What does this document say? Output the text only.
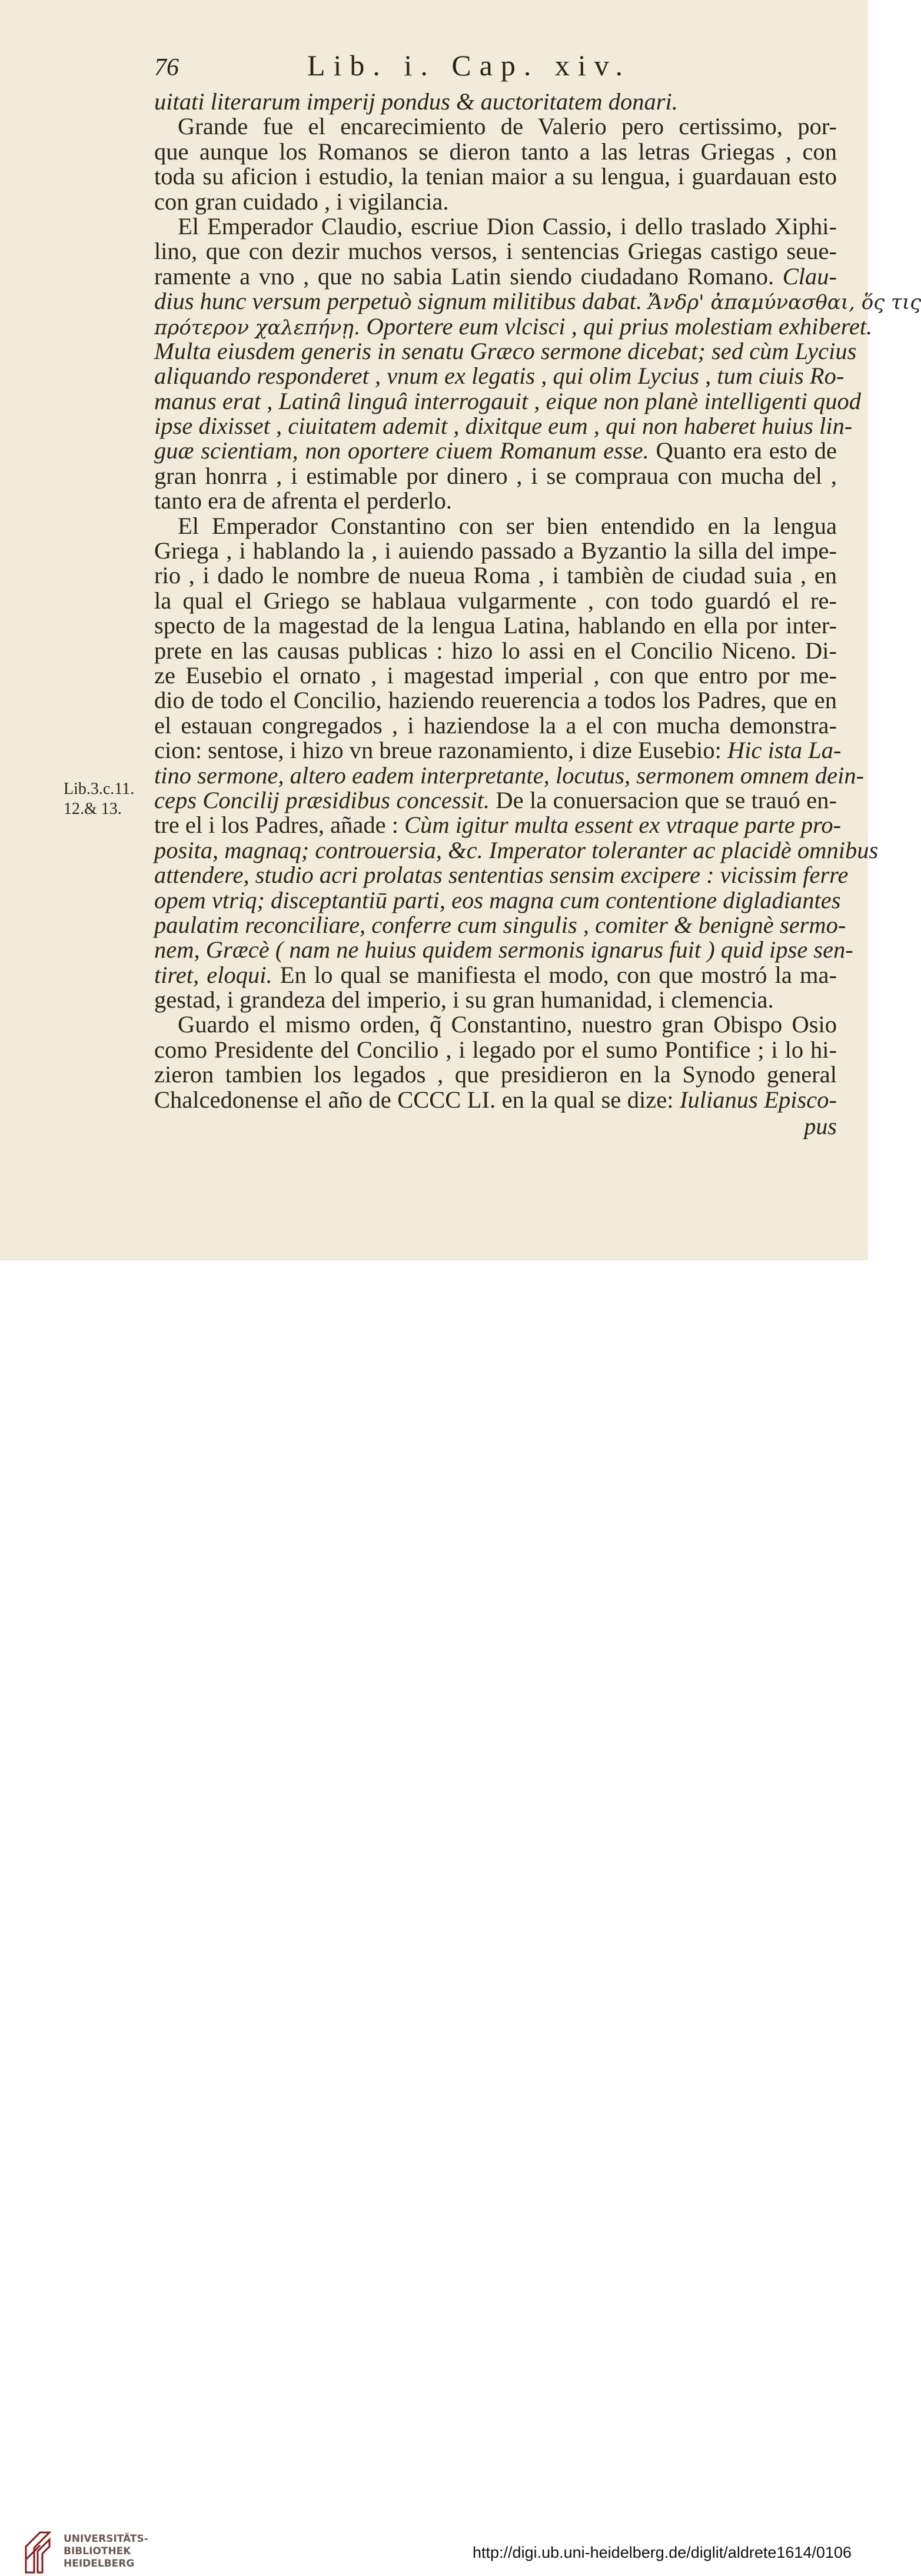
76	Lib. i. Cap. xiv.
uitati literarum imperij pondus & auctoritatem donari.
Grande fue el encarecimiento de Valerio pero certissimo, por-
que aunque los Romanos se dieron tanto a las letras Griegas , con
toda su aficion i estudio, la tenian maior a su lengua, i guardauan esto
con gran cuidado , i vigilancia.
El Emperador Claudio, escriue Dion Cassio, i dello traslado Xiphi-
lino, que con dezir muchos versos, i sentencias Griegas castigo seue-
ramente a vno , que no sabia Latin siendo ciudadano Romano. Clau-
dius hunc versum perpetuò signum militibus dabat. Ἄνδρ' ἀπαμύνασθαι, ὅς τις
πρότερον χαλεπήνῃ. Oportere eum vlcisci , qui prius molestiam exhiberet.
Multa eiusdem generis in senatu Græco sermone dicebat; sed cùm Lycius
aliquando responderet , vnum ex legatis , qui olim Lycius , tum ciuis Ro-
manus erat , Latinâ linguâ interrogauit , eique non planè intelligenti quod
ipse dixisset , ciuitatem ademit , dixitque eum , qui non haberet huius lin-
guæ scientiam, non oportere ciuem Romanum esse. Quanto era esto de
gran honrra , i estimable por dinero , i se compraua con mucha del ,
tanto era de afrenta el perderlo.
El Emperador Constantino con ser bien entendido en la lengua
Griega , i hablando la , i auiendo passado a Byzantio la silla del impe-
rio , i dado le nombre de nueua Roma , i tambièn de ciudad suia , en
la qual el Griego se hablaua vulgarmente , con todo guardó el re-
specto de la magestad de la lengua Latina, hablando en ella por inter-
prete en las causas publicas : hizo lo assi en el Concilio Niceno. Di-
ze Eusebio el ornato , i magestad imperial , con que entro por me-
dio de todo el Concilio, haziendo reuerencia a todos los Padres, que en
el estauan congregados , i haziendose la a el con mucha demonstra-
cion: sentose, i hizo vn breue razonamiento, i dize Eusebio: Hic ista La-
tino sermone, altero eadem interpretante, locutus, sermonem omnem dein-
ceps Concilij præsidibus concessit. De la conuersacion que se trauó en-
tre el i los Padres, añade : Cùm igitur multa essent ex vtraque parte pro-
posita, magnaq; controuersia, &c. Imperator toleranter ac placidè omnibus
attendere, studio acri prolatas sententias sensim excipere : vicissim ferre
opem vtriq; disceptantiū parti, eos magna cum contentione digladiantes
paulatim reconciliare, conferre cum singulis , comiter & benignè sermo-
nem, Græcè ( nam ne huius quidem sermonis ignarus fuit ) quid ipse sen-
tiret, eloqui. En lo qual se manifiesta el modo, con que mostró la ma-
gestad, i grandeza del imperio, i su gran humanidad, i clemencia.
Guardo el mismo orden, q̃ Constantino, nuestro gran Obispo Osio
como Presidente del Concilio , i legado por el sumo Pontifice ; i lo hi-
zieron tambien los legados , que presidieron en la Synodo general
Chalcedonense el año de CCCC LI. en la qual se dize: Iulianus Episco-
pus
Lib.3.c.11.
12.& 13.
UNIVERSITÄTS-
BIBLIOTHEK
HEIDELBERG
http://digi.ub.uni-heidelberg.de/diglit/aldrete1614/0106
